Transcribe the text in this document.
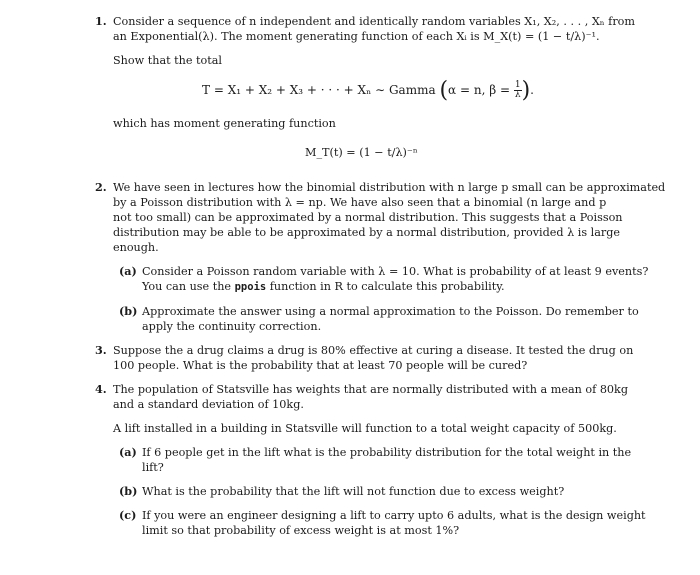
1. Consider a sequence of n independent and identically random variables X₁, X₂, . . . , Xₙ from
an Exponential(λ). The moment generating function of each Xᵢ is M_X(t) = (1 − t/λ)⁻¹.
Show that the total
T = X₁ + X₂ + X₃ + · · · + Xₙ ∼ Gamma (α = n, $\beta = \frac{1}{\lambda}$ ).
which has moment generating function
M_T(t) = (1 − t/λ)⁻ⁿ
2. We have seen in lectures how the binomial distribution with n large p small can be approximated
by a Poisson distribution with λ = np. We have also seen that a binomial (n large and p
not too small) can be approximated by a normal distribution. This suggests that a Poisson
distribution may be able to be approximated by a normal distribution, provided λ is large
enough.
(a) Consider a Poisson random variable with λ = 10. What is probability of at least 9 events?
You can use the ppois function in R to calculate this probability.
(b) Approximate the answer using a normal approximation to the Poisson. Do remember to
apply the continuity correction.
3. Suppose the a drug claims a drug is 80% effective at curing a disease. It tested the drug on
100 people. What is the probability that at least 70 people will be cured?
4. The population of Statsville has weights that are normally distributed with a mean of 80kg
and a standard deviation of 10kg.
A lift installed in a building in Statsville will function to a total weight capacity of 500kg.
(a) If 6 people get in the lift what is the probability distribution for the total weight in the
lift?
(b) What is the probability that the lift will not function due to excess weight?
(c) If you were an engineer designing a lift to carry upto 6 adults, what is the design weight
limit so that probability of excess weight is at most 1%?
